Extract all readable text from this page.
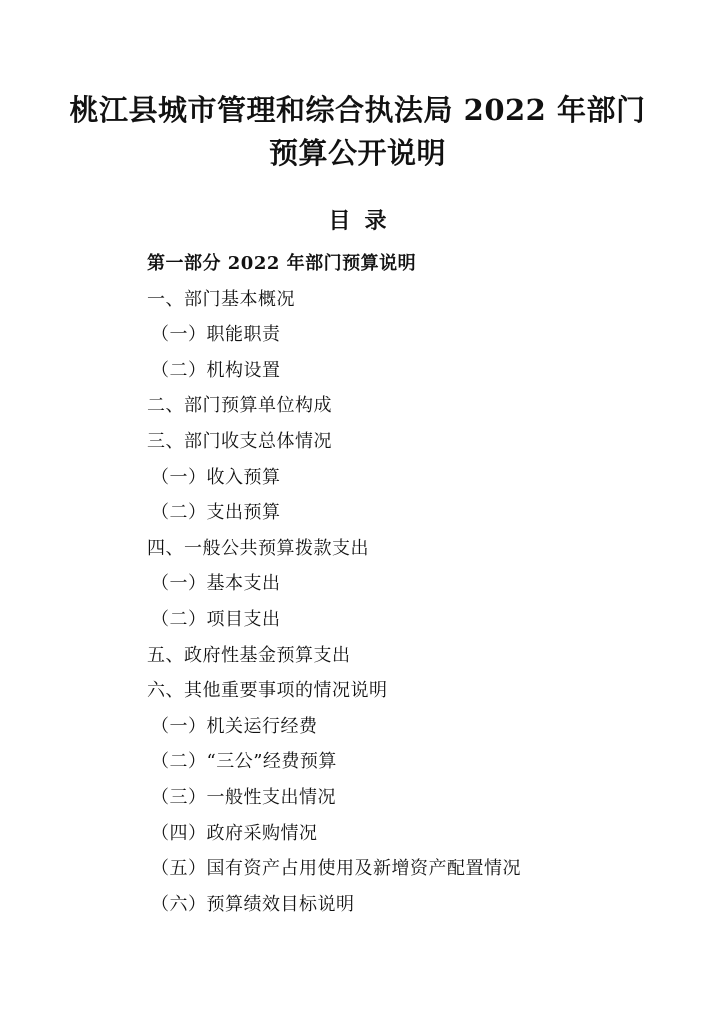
桃江县城市管理和综合执法局 2022 年部门
预算公开说明
目录
第一部分 2022 年部门预算说明
一、部门基本概况
（一）职能职责
（二）机构设置
二、部门预算单位构成
三、部门收支总体情况
（一）收入预算
（二）支出预算
四、一般公共预算拨款支出
（一）基本支出
（二）项目支出
五、政府性基金预算支出
六、其他重要事项的情况说明
（一）机关运行经费
（二）“三公”经费预算
（三）一般性支出情况
（四）政府采购情况
（五）国有资产占用使用及新增资产配置情况
（六）预算绩效目标说明
